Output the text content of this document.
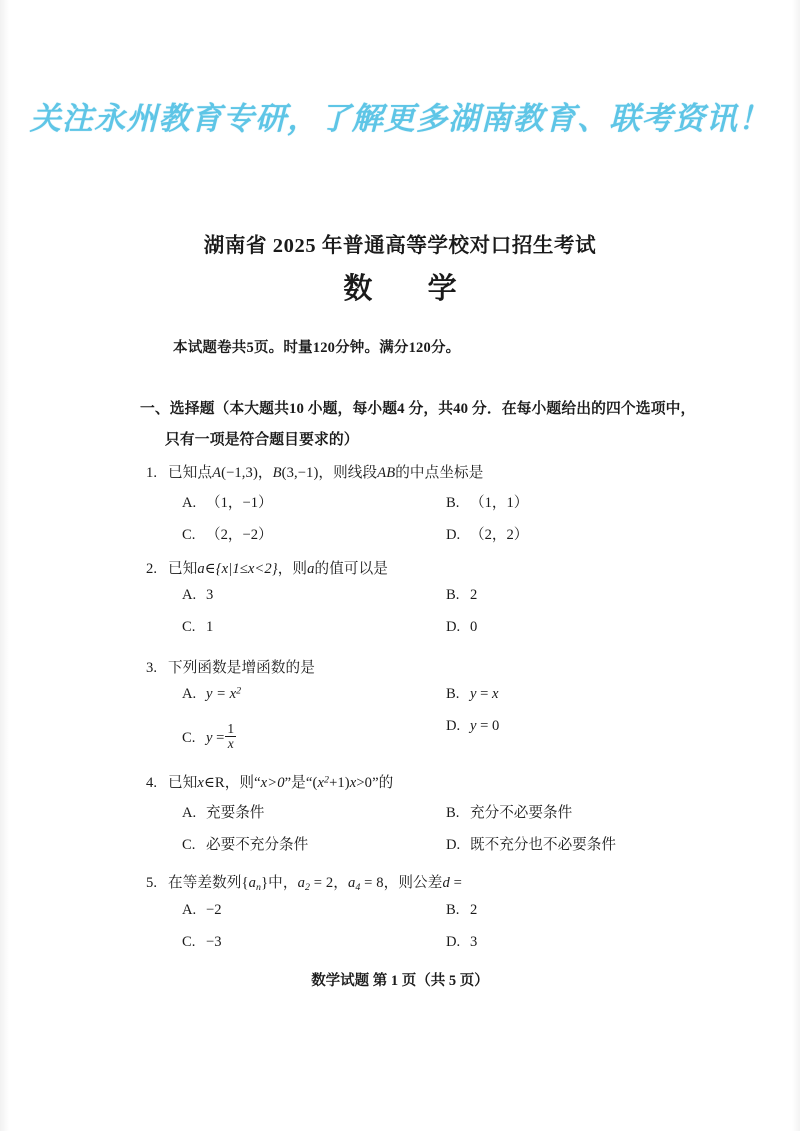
关注永州教育专研，了解更多湖南教育、联考资讯！
湖南省 2025 年普通高等学校对口招生考试
数 学
本试题卷共5页。时量120分钟。满分120分。
一、选择题（本大题共10 小题，每小题4 分，共40 分．在每小题给出的四个选项中，
只有一项是符合题目要求的）
1. 已知点A(−1,3)，B(3,−1)，则线段AB的中点坐标是
A. （1，−1）	B. （1，1）
C. （2，−2）	D. （2，2）
2. 已知a∈{x|1≤x<2}，则a的值可以是
A. 3	B. 2
C. 1	D. 0
3. 下列函数是增函数的是
A. $y = x^2$	B. y = x
C. $y = \frac{1}{x}$	D. y = 0
4. 已知x∈R，则“x>0”是“$(x^2+1)x>0$”的
A. 充要条件	B. 充分不必要条件
C. 必要不充分条件	D. 既不充分也不必要条件
5. 在等差数列$\{a_n\}$中，$a_2 = 2$，$a_4 = 8$，则公差d =
A. −2	B. 2
C. −3	D. 3
数学试题 第 1 页（共 5 页）
